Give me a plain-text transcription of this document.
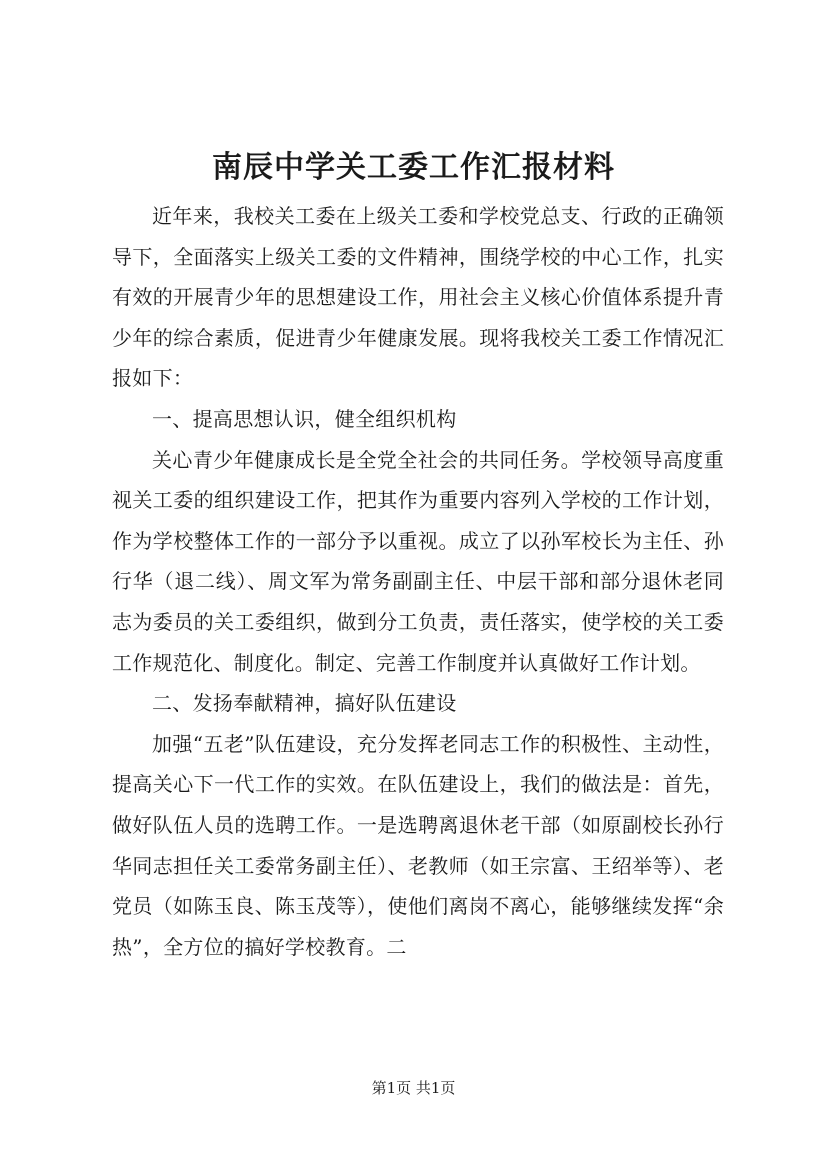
南辰中学关工委工作汇报材料

近年来，我校关工委在上级关工委和学校党总支、行政的正确领导下，全面落实上级关工委的文件精神，围绕学校的中心工作，扎实有效的开展青少年的思想建设工作，用社会主义核心价值体系提升青少年的综合素质，促进青少年健康发展。现将我校关工委工作情况汇报如下：

一、提高思想认识，健全组织机构

关心青少年健康成长是全党全社会的共同任务。学校领导高度重视关工委的组织建设工作，把其作为重要内容列入学校的工作计划，作为学校整体工作的一部分予以重视。成立了以孙军校长为主任、孙行华（退二线）、周文军为常务副副主任、中层干部和部分退休老同志为委员的关工委组织，做到分工负责，责任落实，使学校的关工委工作规范化、制度化。制定、完善工作制度并认真做好工作计划。

二、发扬奉献精神，搞好队伍建设

加强“五老”队伍建设，充分发挥老同志工作的积极性、主动性，提高关心下一代工作的实效。在队伍建设上，我们的做法是：首先，做好队伍人员的选聘工作。一是选聘离退休老干部（如原副校长孙行华同志担任关工委常务副主任）、老教师（如王宗富、王绍举等）、老党员（如陈玉良、陈玉茂等），使他们离岗不离心，能够继续发挥“余热”，全方位的搞好学校教育。二

第1页 共1页
